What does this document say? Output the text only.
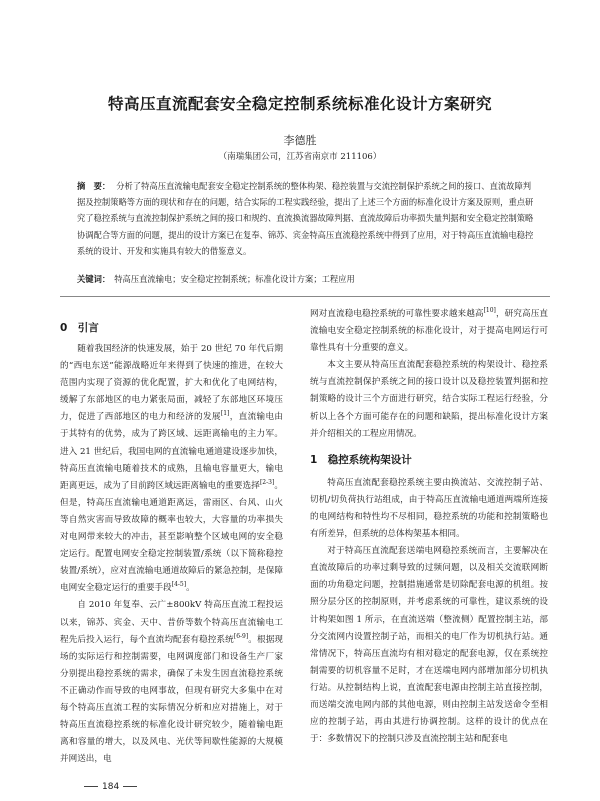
特高压直流配套安全稳定控制系统标准化设计方案研究
李德胜
（南瑞集团公司，江苏省南京市 211106）
摘　要： 分析了特高压直流输电配套安全稳定控制系统的整体构架、稳控装置与交流控制保护系统之间的接口、直流故障判据及控制策略等方面的现状和存在的问题，结合实际的工程实践经验，提出了上述三个方面的标准化设计方案及原则，重点研究了稳控系统与直流控制保护系统之间的接口和规约、直流换流器故障判据、直流故障后功率损失量判据和安全稳定控制策略协调配合等方面的问题，提出的设计方案已在复奉、锦苏、宾金特高压直流稳控系统中得到了应用，对于特高压直流输电稳控系统的设计、开发和实施具有较大的借鉴意义。
关键词： 特高压直流输电；安全稳定控制系统；标准化设计方案；工程应用
0　引言

随着我国经济的快速发展，始于 20 世纪 70 年代后期的“西电东送”能源战略近年来得到了快速的推进，在较大范围内实现了资源的优化配置，扩大和优化了电网结构，缓解了东部地区的电力紧张局面，减轻了东部地区环境压力，促进了西部地区的电力和经济的发展[1]，直流输电由于其特有的优势，成为了跨区域、远距离输电的主力军。进入 21 世纪后，我国电网的直流输电通道建设逐步加快，特高压直流输电随着技术的成熟，且输电容量更大，输电距离更远，成为了目前跨区域远距离输电的重要选择[2-3]。但是，特高压直流输电通道距离远，雷雨区、台风、山火等自然灾害而导致故障的概率也较大，大容量的功率损失对电网带来较大的冲击，甚至影响整个区域电网的安全稳定运行。配置电网安全稳定控制装置/系统（以下简称稳控装置/系统），应对直流输电通道故障后的紧急控制，是保障电网安全稳定运行的重要手段[4-5]。

自 2010 年复奉、云广±800kV 特高压直流工程投运以来，锦苏、宾金、天中、昔侨等数个特高压直流输电工程先后投入运行，每个直流均配套有稳控系统[6-9]。根据现场的实际运行和控制需要，电网调度部门和设备生产厂家分别提出稳控系统的需求，确保了未发生因直流稳控系统不正确动作而导致的电网事故，但现有研究大多集中在对每个特高压直流工程的实际情况分析和应对措施上，对于特高压直流稳控系统的标准化设计研究较少，随着输电距离和容量的增大，以及风电、光伏等间歇性能源的大规模并网送出，电

网对直流稳电稳控系统的可靠性要求越来越高[10]，研究高压直流输电安全稳定控制系统的标准化设计，对于提高电网运行可靠性具有十分重要的意义。

本文主要从特高压直流配套稳控系统的构架设计、稳控系统与直流控制保护系统之间的接口设计以及稳控装置判据和控制策略的设计三个方面进行研究，结合实际工程运行经验，分析以上各个方面可能存在的问题和缺陷，提出标准化设计方案并介绍相关的工程应用情况。

1　稳控系统构架设计

特高压直流配套稳控系统主要由换流站、交流控制子站、切机/切负荷执行站组成，由于特高压直流输电通道两端所连接的电网结构和特性均不尽相同，稳控系统的功能和控制策略也有所差异，但系统的总体构架基本相同。

对于特高压直流配套送端电网稳控系统而言，主要解决在直流故障后的功率过剩导致的过频问题，以及相关交流联网断面的功角稳定问题，控制措施通常是切除配套电源的机组。按照分层分区的控制原则，并考虑系统的可靠性，建议系统的设计构架如图 1 所示，在直流送端（整流侧）配置控制主站，部分交流网内设置控制子站，而相关的电厂作为切机执行站。通常情况下，特高压直流均有相对稳定的配套电源，仅在系统控制需要的切机容量不足时，才在送端电网内部增加部分切机执行站。从控制结构上说，直流配套电源由控制主站直接控制，而送端交流电网内部的其他电源，则由控制主站发送命令至相应的控制子站，再由其进行协调控制。这样的设计的优点在于：多数情况下的控制只涉及直流控制主站和配套电

184
